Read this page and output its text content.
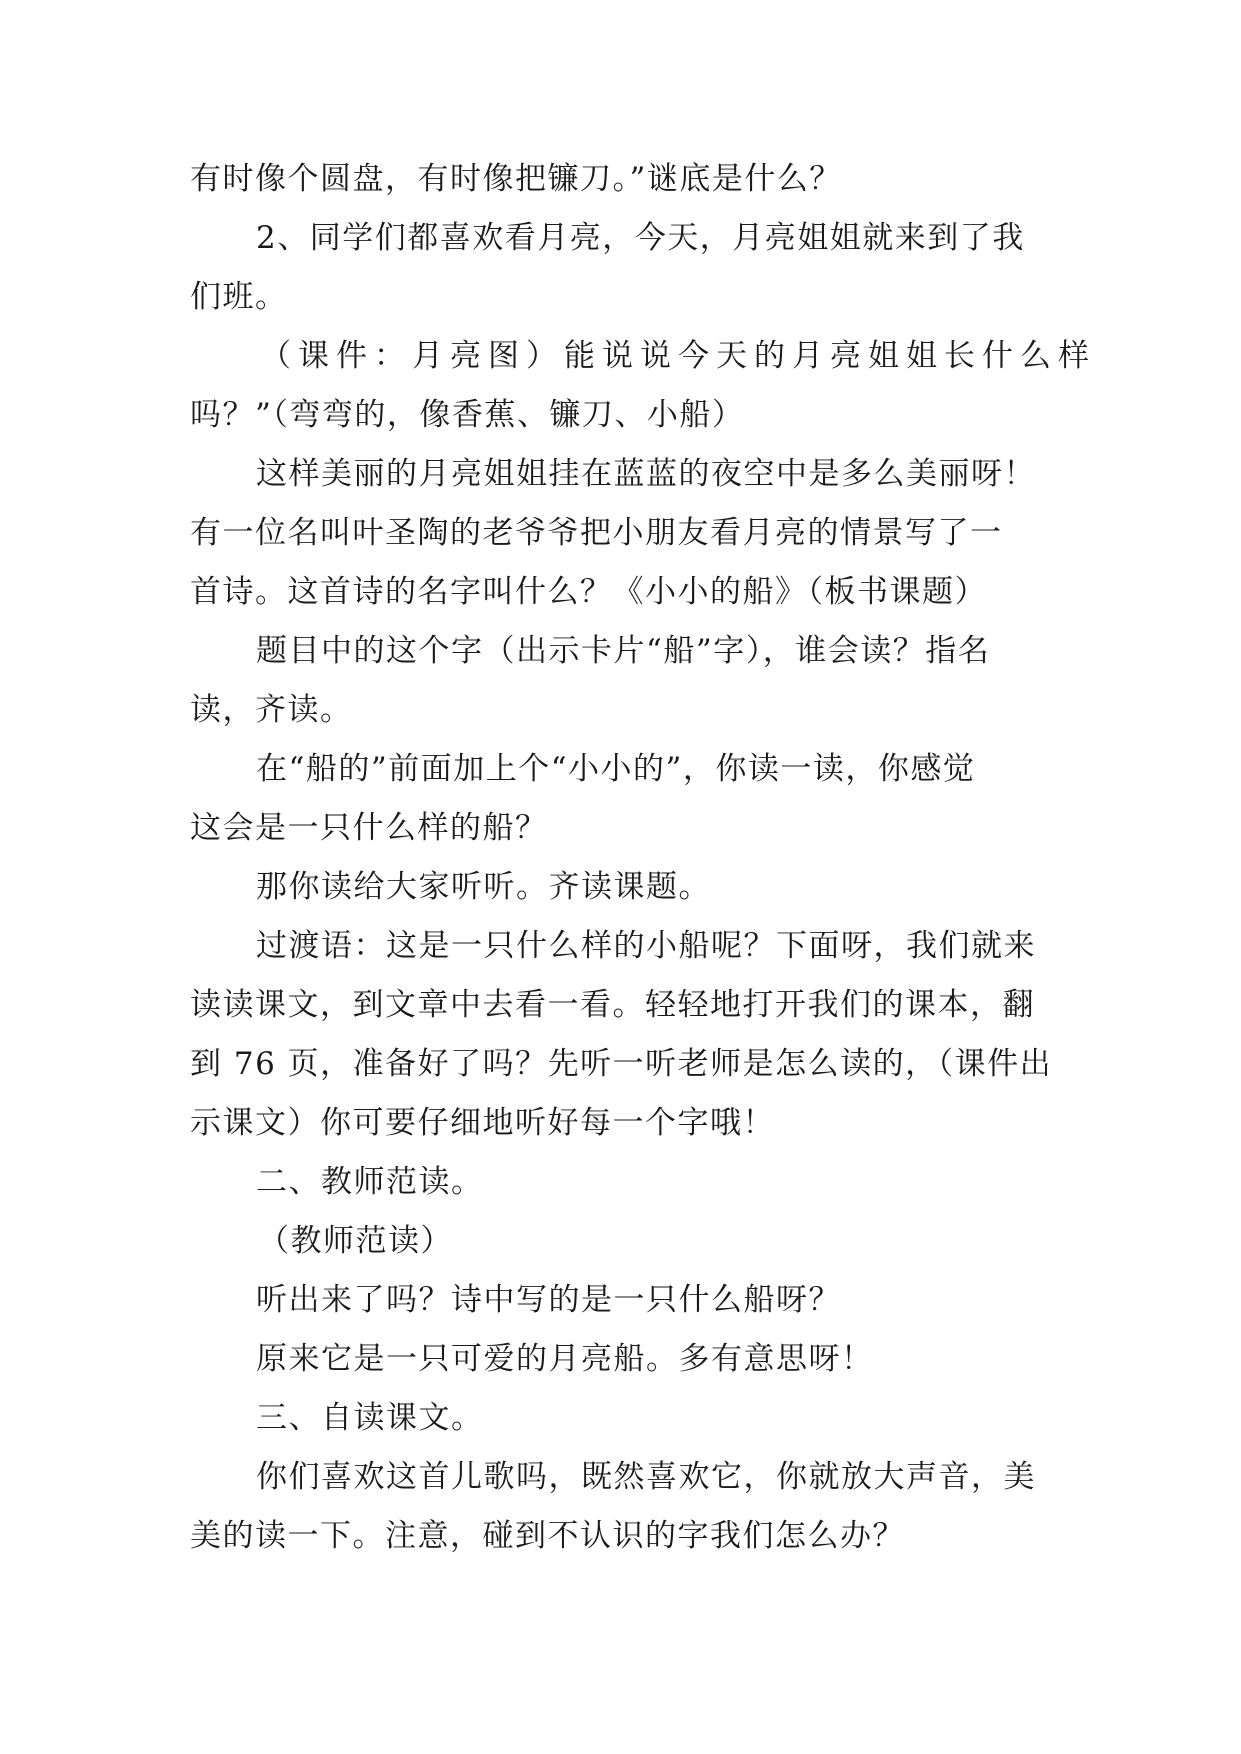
有时像个圆盘，有时像把镰刀。”谜底是什么？
2、同学们都喜欢看月亮，今天，月亮姐姐就来到了我
们班。
（课件：月亮图）能说说今天的月亮姐姐长什么样
吗？”（弯弯的，像香蕉、镰刀、小船）
这样美丽的月亮姐姐挂在蓝蓝的夜空中是多么美丽呀！
有一位名叫叶圣陶的老爷爷把小朋友看月亮的情景写了一
首诗。这首诗的名字叫什么？《小小的船》（板书课题）
题目中的这个字（出示卡片“船”字），谁会读？指名
读，齐读。
在“船的”前面加上个“小小的”，你读一读，你感觉
这会是一只什么样的船？
那你读给大家听听。齐读课题。
过渡语：这是一只什么样的小船呢？下面呀，我们就来
读读课文，到文章中去看一看。轻轻地打开我们的课本，翻
到 76 页，准备好了吗？先听一听老师是怎么读的，（课件出
示课文）你可要仔细地听好每一个字哦！
二、教师范读。
（教师范读）
听出来了吗？诗中写的是一只什么船呀？
原来它是一只可爱的月亮船。多有意思呀！
三、自读课文。
你们喜欢这首儿歌吗，既然喜欢它，你就放大声音，美
美的读一下。注意，碰到不认识的字我们怎么办？
